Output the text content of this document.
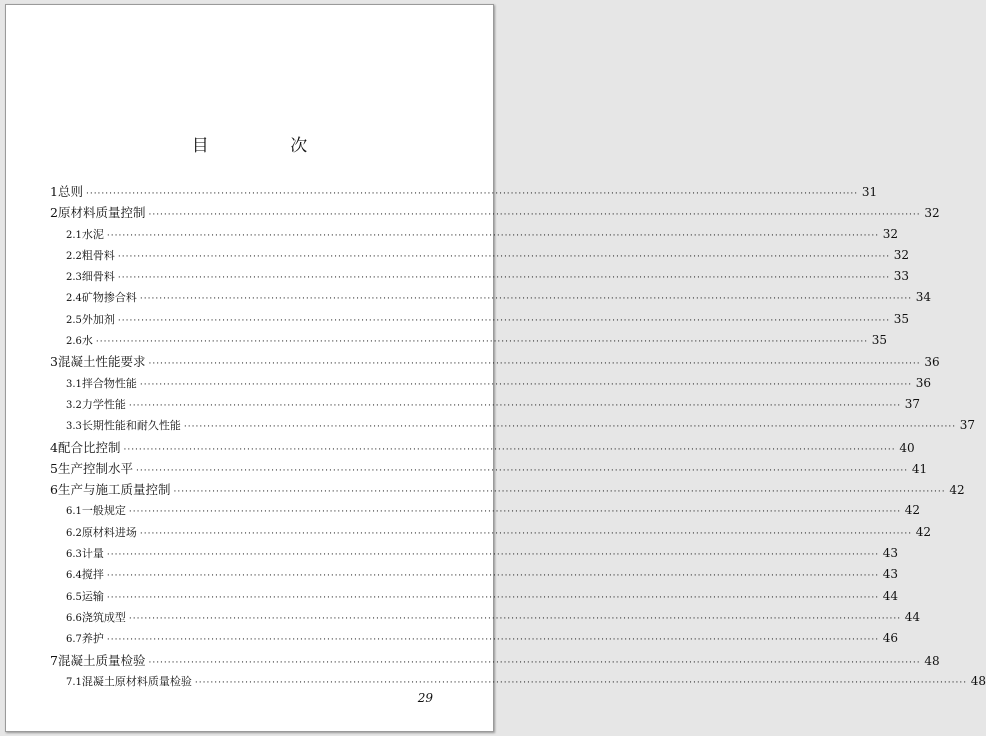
目 次
1 总则 ········································································································································································································ 31
2 原材料质量控制 ········································································································································································································ 32
2.1 水泥 ········································································································································································································ 32
2.2 粗骨料 ········································································································································································································ 32
2.3 细骨料 ········································································································································································································ 33
2.4 矿物掺合料 ········································································································································································································ 34
2.5 外加剂 ········································································································································································································ 35
2.6 水 ········································································································································································································ 35
3 混凝土性能要求 ········································································································································································································ 36
3.1 拌合物性能 ········································································································································································································ 36
3.2 力学性能 ········································································································································································································ 37
3.3 长期性能和耐久性能 ········································································································································································································ 37
4 配合比控制 ········································································································································································································ 40
5 生产控制水平 ········································································································································································································ 41
6 生产与施工质量控制 ········································································································································································································ 42
6.1 一般规定 ········································································································································································································ 42
6.2 原材料进场 ········································································································································································································ 42
6.3 计量 ········································································································································································································ 43
6.4 搅拌 ········································································································································································································ 43
6.5 运输 ········································································································································································································ 44
6.6 浇筑成型 ········································································································································································································ 44
6.7 养护 ········································································································································································································ 46
7 混凝土质量检验 ········································································································································································································ 48
7.1 混凝土原材料质量检验 ········································································································································································································ 48
29
